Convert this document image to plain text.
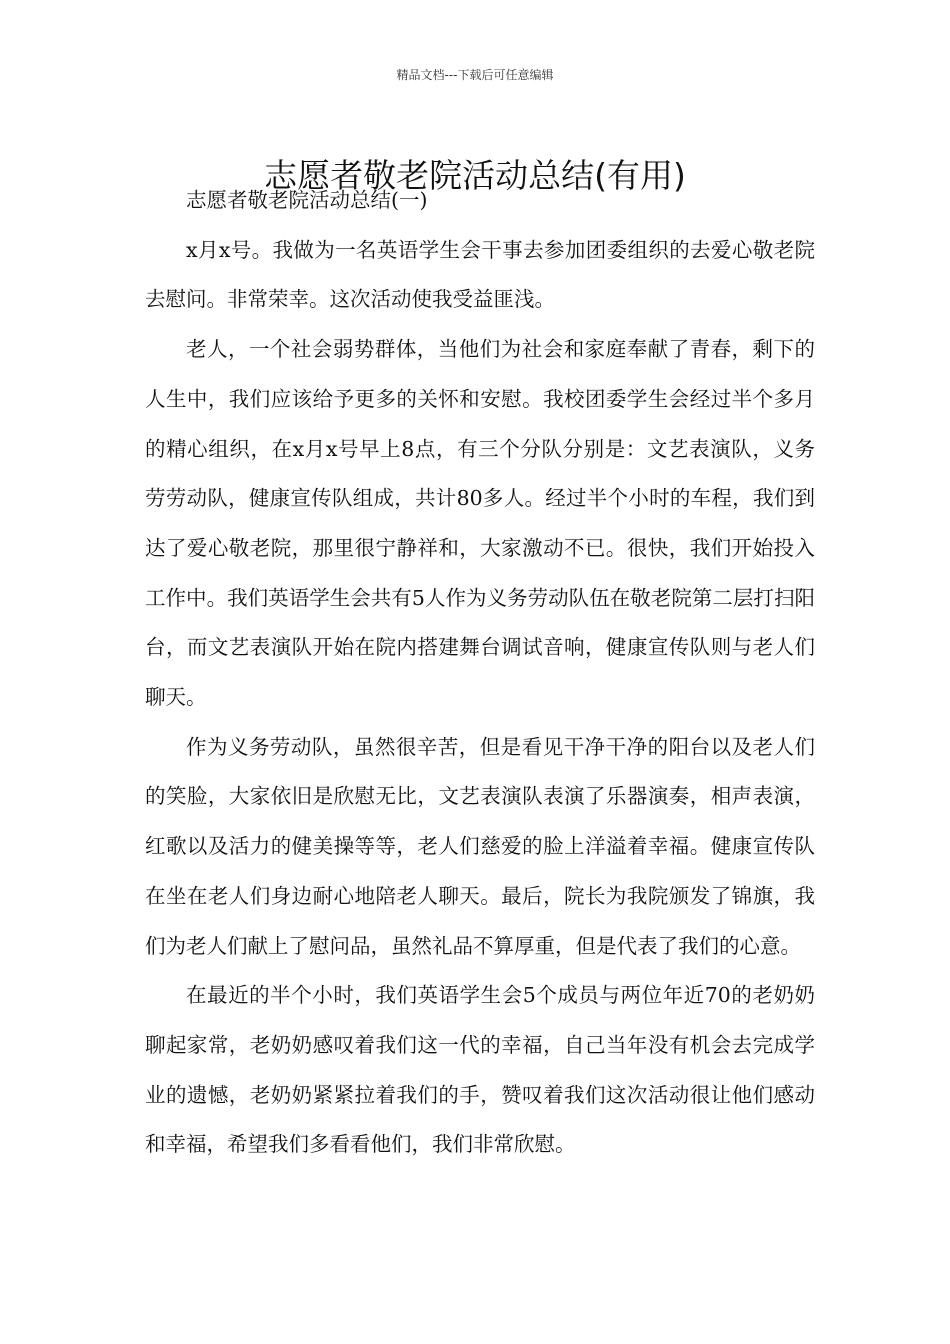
精品文档---下载后可任意编辑
志愿者敬老院活动总结(有用)

志愿者敬老院活动总结(一)

x月x号。我做为一名英语学生会干事去参加团委组织的去爱心敬老院去慰问。非常荣幸。这次活动使我受益匪浅。

老人，一个社会弱势群体，当他们为社会和家庭奉献了青春，剩下的人生中，我们应该给予更多的关怀和安慰。我校团委学生会经过半个多月的精心组织，在x月x号早上8点，有三个分队分别是：文艺表演队，义务劳劳动队，健康宣传队组成，共计80多人。经过半个小时的车程，我们到达了爱心敬老院，那里很宁静祥和，大家激动不已。很快，我们开始投入工作中。我们英语学生会共有5人作为义务劳动队伍在敬老院第二层打扫阳台，而文艺表演队开始在院内搭建舞台调试音响，健康宣传队则与老人们聊天。

作为义务劳动队，虽然很辛苦，但是看见干净干净的阳台以及老人们的笑脸，大家依旧是欣慰无比，文艺表演队表演了乐器演奏，相声表演，红歌以及活力的健美操等等，老人们慈爱的脸上洋溢着幸福。健康宣传队在坐在老人们身边耐心地陪老人聊天。最后，院长为我院颁发了锦旗，我们为老人们献上了慰问品，虽然礼品不算厚重，但是代表了我们的心意。

在最近的半个小时，我们英语学生会5个成员与两位年近70的老奶奶聊起家常，老奶奶感叹着我们这一代的幸福，自己当年没有机会去完成学业的遗憾，老奶奶紧紧拉着我们的手，赞叹着我们这次活动很让他们感动和幸福，希望我们多看看他们，我们非常欣慰。
